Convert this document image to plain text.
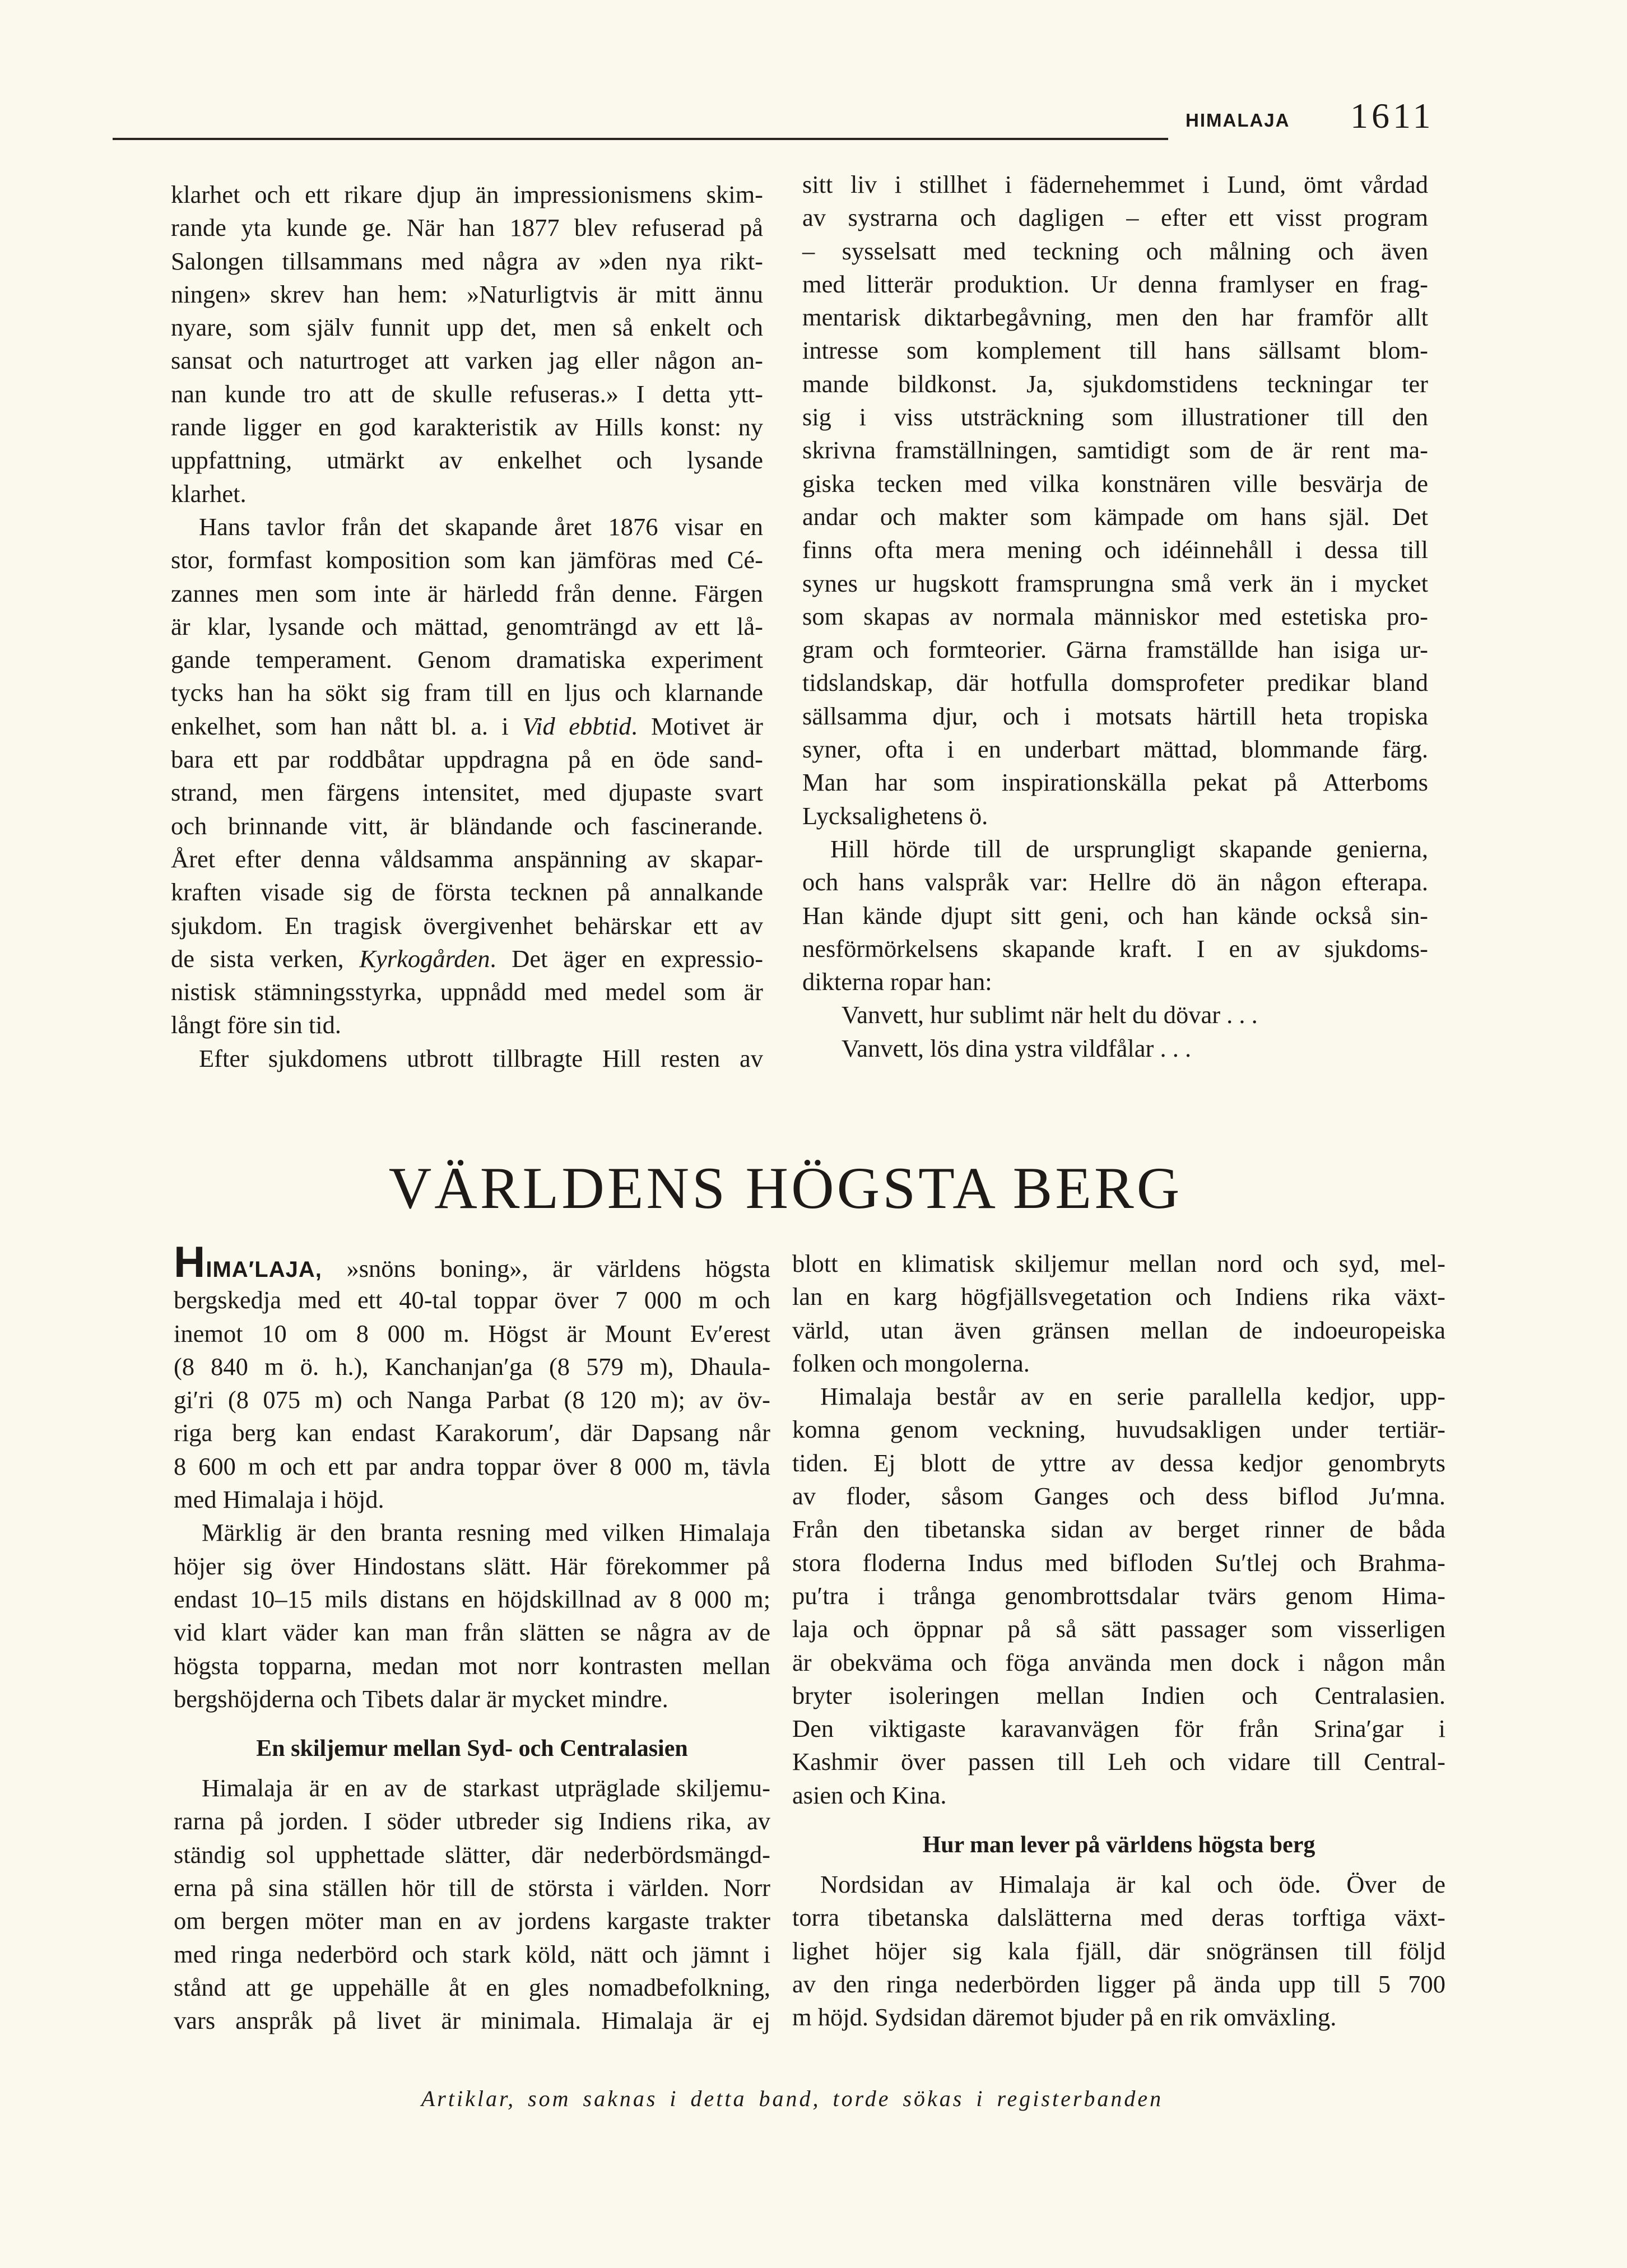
HIMALAJA 1611
klarhet och ett rikare djup än impressionismens skim-
rande yta kunde ge. När han 1877 blev refuserad på
Salongen tillsammans med några av »den nya rikt-
ningen» skrev han hem: »Naturligtvis är mitt ännu
nyare, som själv funnit upp det, men så enkelt och
sansat och naturtroget att varken jag eller någon an-
nan kunde tro att de skulle refuseras.» I detta ytt-
rande ligger en god karakteristik av Hills konst: ny
uppfattning, utmärkt av enkelhet och lysande
klarhet.
Hans tavlor från det skapande året 1876 visar en
stor, formfast komposition som kan jämföras med Cé-
zannes men som inte är härledd från denne. Färgen
är klar, lysande och mättad, genomträngd av ett lå-
gande temperament. Genom dramatiska experiment
tycks han ha sökt sig fram till en ljus och klarnande
enkelhet, som han nått bl. a. i Vid ebbtid. Motivet är
bara ett par roddbåtar uppdragna på en öde sand-
strand, men färgens intensitet, med djupaste svart
och brinnande vitt, är bländande och fascinerande.
Året efter denna våldsamma anspänning av skapar-
kraften visade sig de första tecknen på annalkande
sjukdom. En tragisk övergivenhet behärskar ett av
de sista verken, Kyrkogården. Det äger en expressio-
nistisk stämningsstyrka, uppnådd med medel som är
långt före sin tid.
Efter sjukdomens utbrott tillbragte Hill resten av
sitt liv i stillhet i fädernehemmet i Lund, ömt vårdad
av systrarna och dagligen – efter ett visst program
– sysselsatt med teckning och målning och även
med litterär produktion. Ur denna framlyser en frag-
mentarisk diktarbegåvning, men den har framför allt
intresse som komplement till hans sällsamt blom-
mande bildkonst. Ja, sjukdomstidens teckningar ter
sig i viss utsträckning som illustrationer till den
skrivna framställningen, samtidigt som de är rent ma-
giska tecken med vilka konstnären ville besvärja de
andar och makter som kämpade om hans själ. Det
finns ofta mera mening och idéinnehåll i dessa till
synes ur hugskott framsprungna små verk än i mycket
som skapas av normala människor med estetiska pro-
gram och formteorier. Gärna framställde han isiga ur-
tidslandskap, där hotfulla domsprofeter predikar bland
sällsamma djur, och i motsats härtill heta tropiska
syner, ofta i en underbart mättad, blommande färg.
Man har som inspirationskälla pekat på Atterboms
Lycksalighetens ö.
Hill hörde till de ursprungligt skapande genierna,
och hans valspråk var: Hellre dö än någon efterapa.
Han kände djupt sitt geni, och han kände också sin-
nesförmörkelsens skapande kraft. I en av sjukdoms-
dikterna ropar han:
Vanvett, hur sublimt när helt du dövar . . .
Vanvett, lös dina ystra vildfålar . . .
VÄRLDENS HÖGSTA BERG
HIMA′LAJA, »snöns boning», är världens högsta
bergskedja med ett 40-tal toppar över 7 000 m och
inemot 10 om 8 000 m. Högst är Mount Ev′erest
(8 840 m ö. h.), Kanchanjan′ga (8 579 m), Dhaula-
gi′ri (8 075 m) och Nanga Parbat (8 120 m); av öv-
riga berg kan endast Karakorum′, där Dapsang når
8 600 m och ett par andra toppar över 8 000 m, tävla
med Himalaja i höjd.
Märklig är den branta resning med vilken Himalaja
höjer sig över Hindostans slätt. Här förekommer på
endast 10–15 mils distans en höjdskillnad av 8 000 m;
vid klart väder kan man från slätten se några av de
högsta topparna, medan mot norr kontrasten mellan
bergshöjderna och Tibets dalar är mycket mindre.
En skiljemur mellan Syd- och Centralasien
Himalaja är en av de starkast utpräglade skiljemu-
rarna på jorden. I söder utbreder sig Indiens rika, av
ständig sol upphettade slätter, där nederbördsmängd-
erna på sina ställen hör till de största i världen. Norr
om bergen möter man en av jordens kargaste trakter
med ringa nederbörd och stark köld, nätt och jämnt i
stånd att ge uppehälle åt en gles nomadbefolkning,
vars anspråk på livet är minimala. Himalaja är ej
blott en klimatisk skiljemur mellan nord och syd, mel-
lan en karg högfjällsvegetation och Indiens rika växt-
värld, utan även gränsen mellan de indoeuropeiska
folken och mongolerna.
Himalaja består av en serie parallella kedjor, upp-
komna genom veckning, huvudsakligen under tertiär-
tiden. Ej blott de yttre av dessa kedjor genombryts
av floder, såsom Ganges och dess biflod Ju′mna.
Från den tibetanska sidan av berget rinner de båda
stora floderna Indus med bifloden Su′tlej och Brahma-
pu′tra i trånga genombrottsdalar tvärs genom Hima-
laja och öppnar på så sätt passager som visserligen
är obekväma och föga använda men dock i någon mån
bryter isoleringen mellan Indien och Centralasien.
Den viktigaste karavanvägen för från Srina′gar i
Kashmir över passen till Leh och vidare till Central-
asien och Kina.
Hur man lever på världens högsta berg
Nordsidan av Himalaja är kal och öde. Över de
torra tibetanska dalslätterna med deras torftiga växt-
lighet höjer sig kala fjäll, där snögränsen till följd
av den ringa nederbörden ligger på ända upp till 5 700
m höjd. Sydsidan däremot bjuder på en rik omväxling.
Artiklar, som saknas i detta band, torde sökas i registerbanden
